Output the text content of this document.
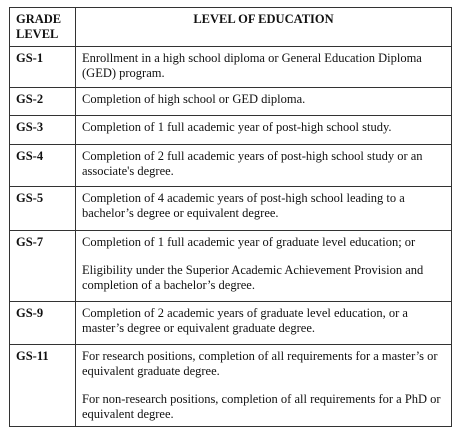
GRADE
LEVEL	LEVEL OF EDUCATION
GS-1	Enrollment in a high school diploma or General Education Diploma (GED) program.

GS-2	Completion of high school or GED diploma.

GS-3	Completion of 1 full academic year of post-high school study.

GS-4	Completion of 2 full academic years of post-high school study or an associate's degree.

GS-5	Completion of 4 academic years of post-high school leading to a bachelor’s degree or equivalent degree.

GS-7	Completion of 1 full academic year of graduate level education; or

Eligibility under the Superior Academic Achievement Provision and completion of a bachelor’s degree.

GS-9	Completion of 2 academic years of graduate level education, or a master’s degree or equivalent graduate degree.

GS-11	For research positions, completion of all requirements for a master’s or equivalent graduate degree.

For non-research positions, completion of all requirements for a PhD or equivalent degree.
